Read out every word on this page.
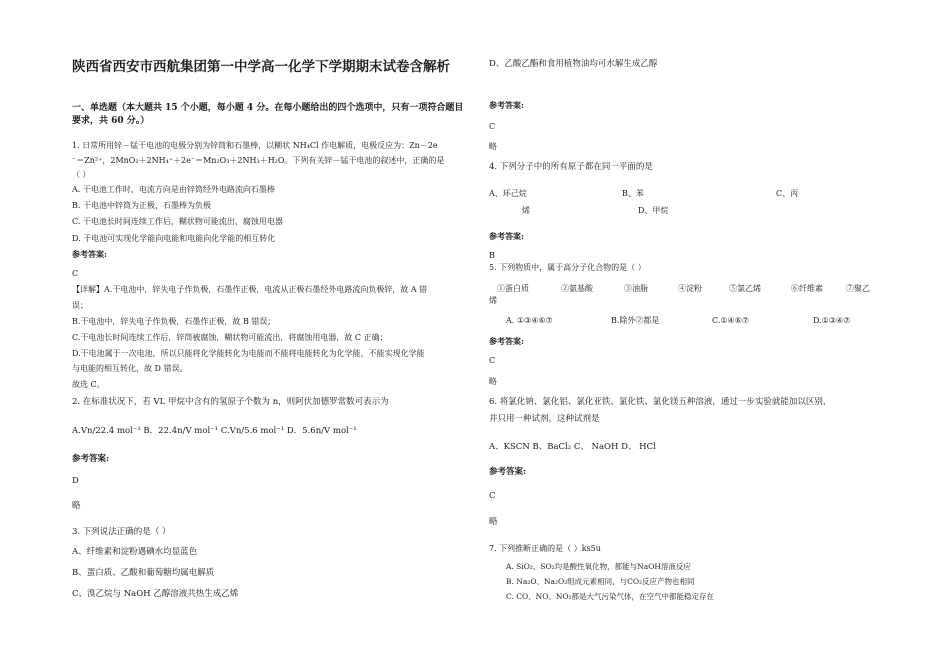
陕西省西安市西航集团第一中学高一化学下学期期末试卷含解析
一、单选题（本大题共 15 个小题，每小题 4 分。在每小题给出的四个选项中，只有一项符合题目要求，共 60 分。）
1. 日常所用锌－锰干电池的电极分别为锌筒和石墨棒，以糊状 NH₄Cl 作电解质，电极反应为：Zn－2e
⁻＝Zn²⁺，2MnO₂＋2NH₄⁺＋2e⁻＝Mn₂O₃＋2NH₃＋H₂O。下列有关锌－锰干电池的叙述中，正确的是
（ ）
A. 干电池工作时，电流方向是由锌筒经外电路流向石墨棒
B. 干电池中锌筒为正极，石墨棒为负极
C. 干电池长时间连续工作后，糊状物可能流出，腐蚀用电器
D. 干电池可实现化学能向电能和电能向化学能的相互转化
参考答案:
C
【详解】A.干电池中，锌失电子作负极，石墨作正极，电流从正极石墨经外电路流向负极锌，故 A 错
误；
B.干电池中，锌失电子作负极，石墨作正极，故 B 错误；
C.干电池长时间连续工作后，锌筒被腐蚀，糊状物可能流出，将腐蚀用电器，故 C 正确；
D.干电池属于一次电池，所以只能将化学能转化为电能而不能将电能转化为化学能，不能实现化学能
与电能的相互转化，故 D 错误。
故选 C。
2. 在标准状况下，若 VL 甲烷中含有的氢原子个数为 n，则阿伏加德罗常数可表示为
A.Vn/22.4 mol⁻¹ B．22.4n/V mol⁻¹ C.Vn/5.6 mol⁻¹ D．5.6n/V mol⁻¹
参考答案:
D
略
3. 下列说法正确的是（ ）
A、纤维素和淀粉遇碘水均显蓝色
B、蛋白质、乙酸和葡萄糖均属电解质
C、溴乙烷与 NaOH 乙醇溶液共热生成乙烯
D、乙酸乙酯和食用植物油均可水解生成乙醇
参考答案:
C
略
4. 下列分子中的所有原子都在同一平面的是
A、环己烷	B、苯	C、丙
烯	D、甲烷
参考答案:
B
5. 下列物质中，属于高分子化合物的是（ ）
①蛋白质	②氨基酸	③油脂	④淀粉	⑤氯乙烯	⑥纤维素	⑦聚乙
烯
A. ①③④⑥⑦	B.除外②都是	C.①④⑥⑦	D.①③④⑦
参考答案:
C
略
6. 将氯化钠、氯化铝、氯化亚铁、氯化铁、氯化镁五种溶液，通过一步实验就能加以区别，
并只用一种试剂，这种试剂是
A、KSCN B、BaCl₂ C、 NaOH D、 HCl
参考答案:
C
略
7. 下列推断正确的是（ ）ks5u
A. SiO₂、SO₂均是酸性氧化物，都能与NaOH溶液反应
B. Na₂O、Na₂O₂组成元素相同，与CO₂反应产物也相同
C. CO、NO、NO₂都是大气污染气体，在空气中都能稳定存在
